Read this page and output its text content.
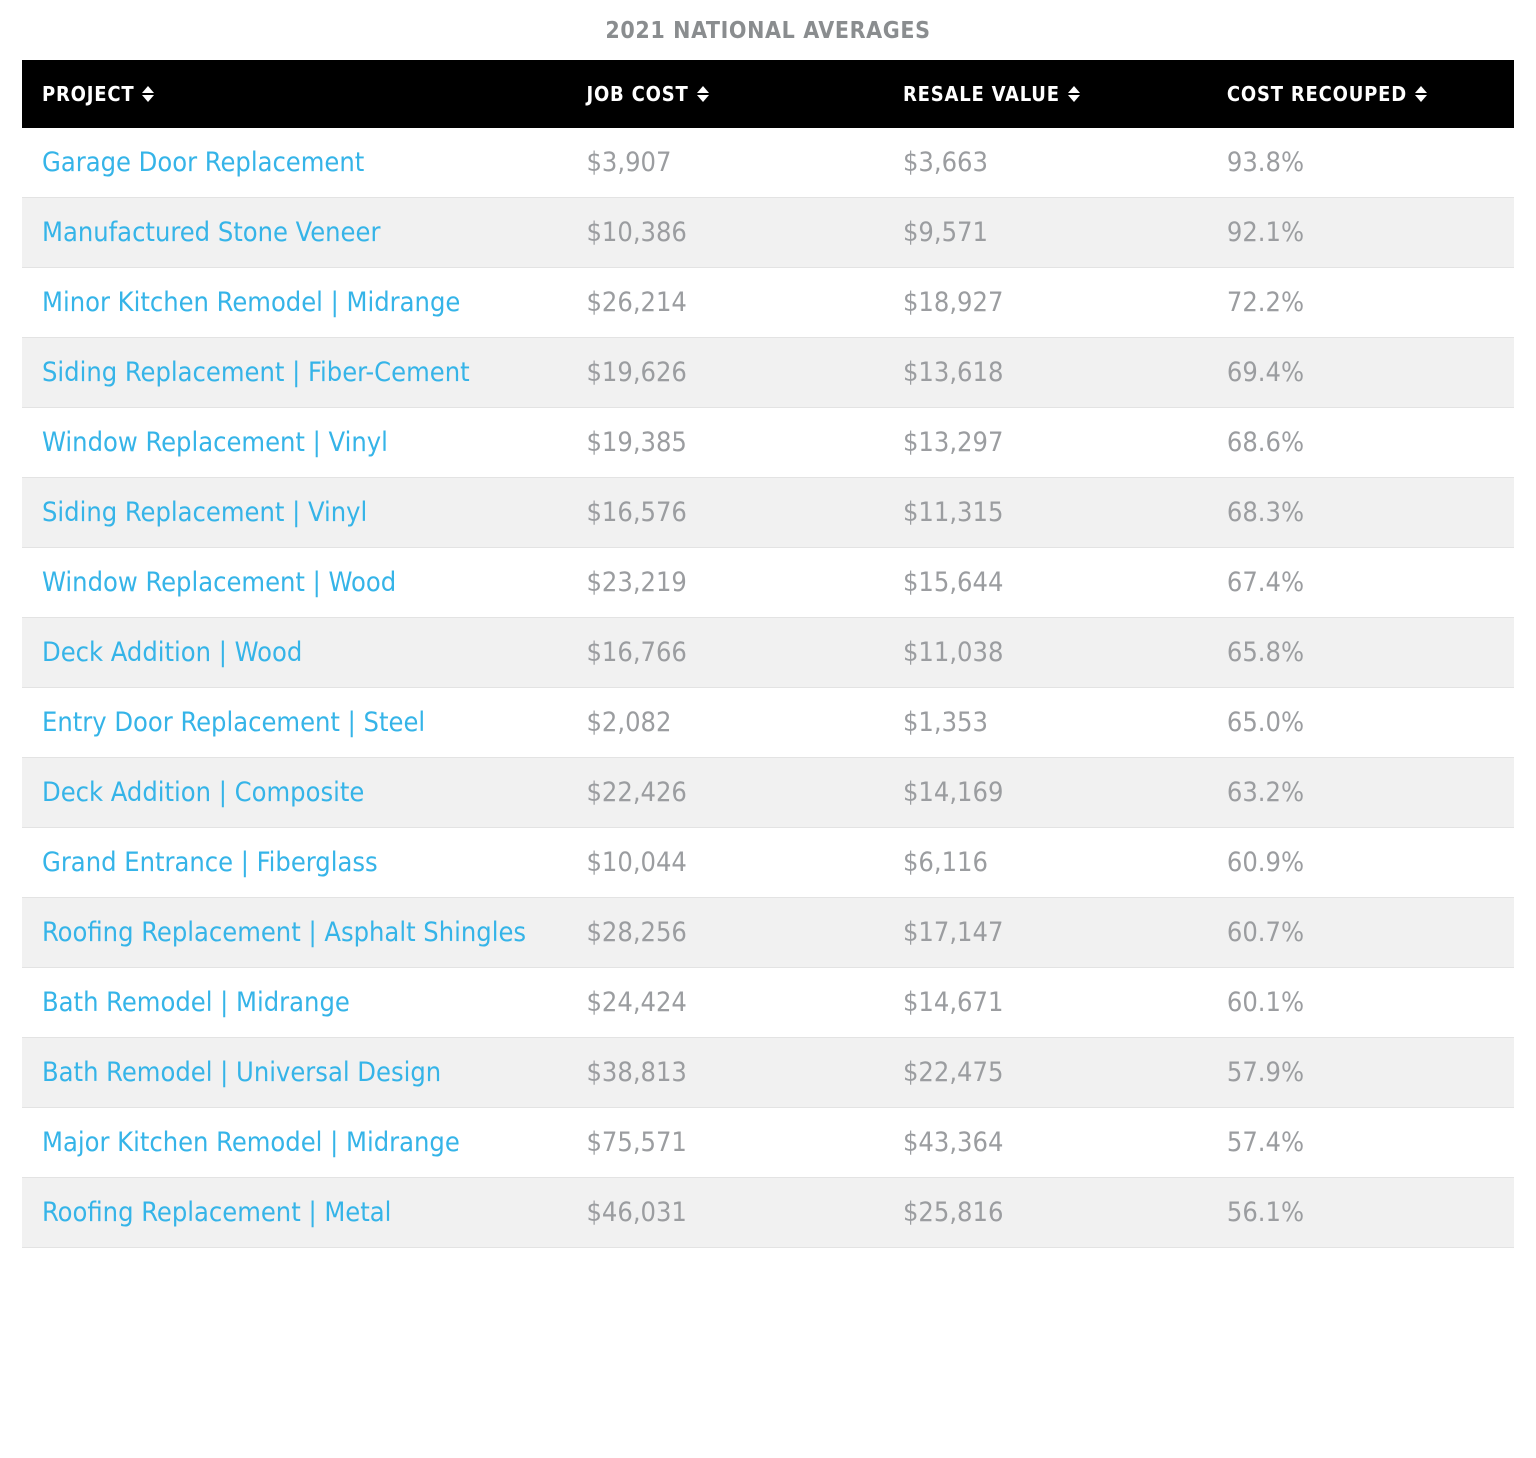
2021 NATIONAL AVERAGES
PROJECT	JOB COST	RESALE VALUE	COST RECOUPED

Garage Door Replacement	$3,907	$3,663	93.8%
Manufactured Stone Veneer	$10,386	$9,571	92.1%
Minor Kitchen Remodel | Midrange	$26,214	$18,927	72.2%
Siding Replacement | Fiber-Cement	$19,626	$13,618	69.4%
Window Replacement | Vinyl	$19,385	$13,297	68.6%
Siding Replacement | Vinyl	$16,576	$11,315	68.3%
Window Replacement | Wood	$23,219	$15,644	67.4%
Deck Addition | Wood	$16,766	$11,038	65.8%
Entry Door Replacement | Steel	$2,082	$1,353	65.0%
Deck Addition | Composite	$22,426	$14,169	63.2%
Grand Entrance | Fiberglass	$10,044	$6,116	60.9%
Roofing Replacement | Asphalt Shingles	$28,256	$17,147	60.7%
Bath Remodel | Midrange	$24,424	$14,671	60.1%
Bath Remodel | Universal Design	$38,813	$22,475	57.9%
Major Kitchen Remodel | Midrange	$75,571	$43,364	57.4%
Roofing Replacement | Metal	$46,031	$25,816	56.1%
